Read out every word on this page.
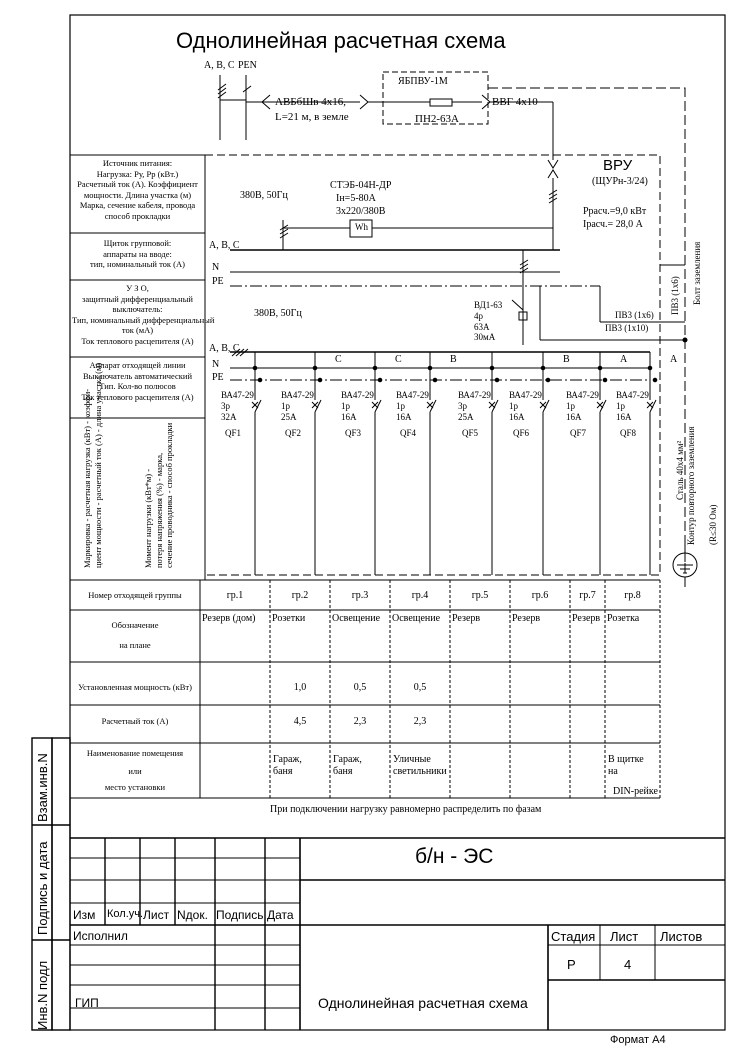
Однолинейная расчетная схема
A, B, C PEN
АВБбШв 4х16,
L=21 м, в земле
ЯБПВУ-1М
ПН2-63А
ВВГ 4х10
ВРУ
(ЩУРн-3/24)
Ррасч.=9,0 кВт
Iрасч.= 28,0 А
380В, 50Гц
СТЭБ-04Н-ДР
Iн=5-80А
3х220/380В
Wh
A, B, C
N
PE
ВД1-63
4р
63А
30мА
ПВ3 (1х6)
ПВ3 (1х10)
ПВ3 (1х6) Болт заземления
380В, 50Гц
A, B, C
N
PE
Сталь 40х4 мм² Контур повторного заземления (R≤30 Ом)
Источник питания:
Нагрузка: Ру, Рр (кВт.)
Расчетный ток (А). Коэффициент
мощности. Длина участка (м)
Марка, сечение кабеля, провода
способ прокладки
Щиток групповой:
аппараты на вводе:
тип, номинальный ток (А)
У З О,
защитный дифференциальный
выключатель:
Тип, номинальный дифференциальный
ток (мА)
Ток теплового расцепителя (А)
Аппарат отходящей линии
Выключатель автоматический
Тип. Кол-во полюсов
Ток теплового расцепителя (А)
Маркировка - расчетная нагрузка (кВт) - коэффи- циент мощности - расчетный ток (А) - длина участка (м)	Момент нагрузки (кВт*м) - потеря напряжения (%) - марка, сечение проводника - способ прокладки
ВА47-29
3р
32А
QF1
ВА47-29
1р
25А
QF2
C
ВА47-29
1р
16А
QF3
C
ВА47-29
1р
16А
QF4
B
ВА47-29
3р
25А
QF5
ВА47-29
1р
16А
QF6
B
ВА47-29
1р
16А
QF7
A
ВА47-29
1р
16А
QF8
A
Номер отходящей группы
Обозначение
на плане
Установленная мощность (кВт)
Расчетный ток (А)
Наименование помещения
или
место установки
гр.1
Резерв (дом)
гр.2
Розетки
1,0
4,5
Гараж,
баня
гр.3
Освещение
0,5
2,3
Гараж,
баня
гр.4
Освещение
0,5
2,3
Уличные
светильники
гр.5
Резерв
гр.6
Резерв
гр.7
Резерв
гр.8
Розетка
В щитке
на
DIN-рейке
При подключении нагрузку равномерно распределить по фазам
б/н - ЭС
Изм Кол.уч. Лист Nдок. Подпись Дата
Исполнил
ГИП
Стадия Лист Листов
Р	4
Однолинейная расчетная схема
Формат А4
Взам.инв.N
Подпись и дата
Инв.N подл
